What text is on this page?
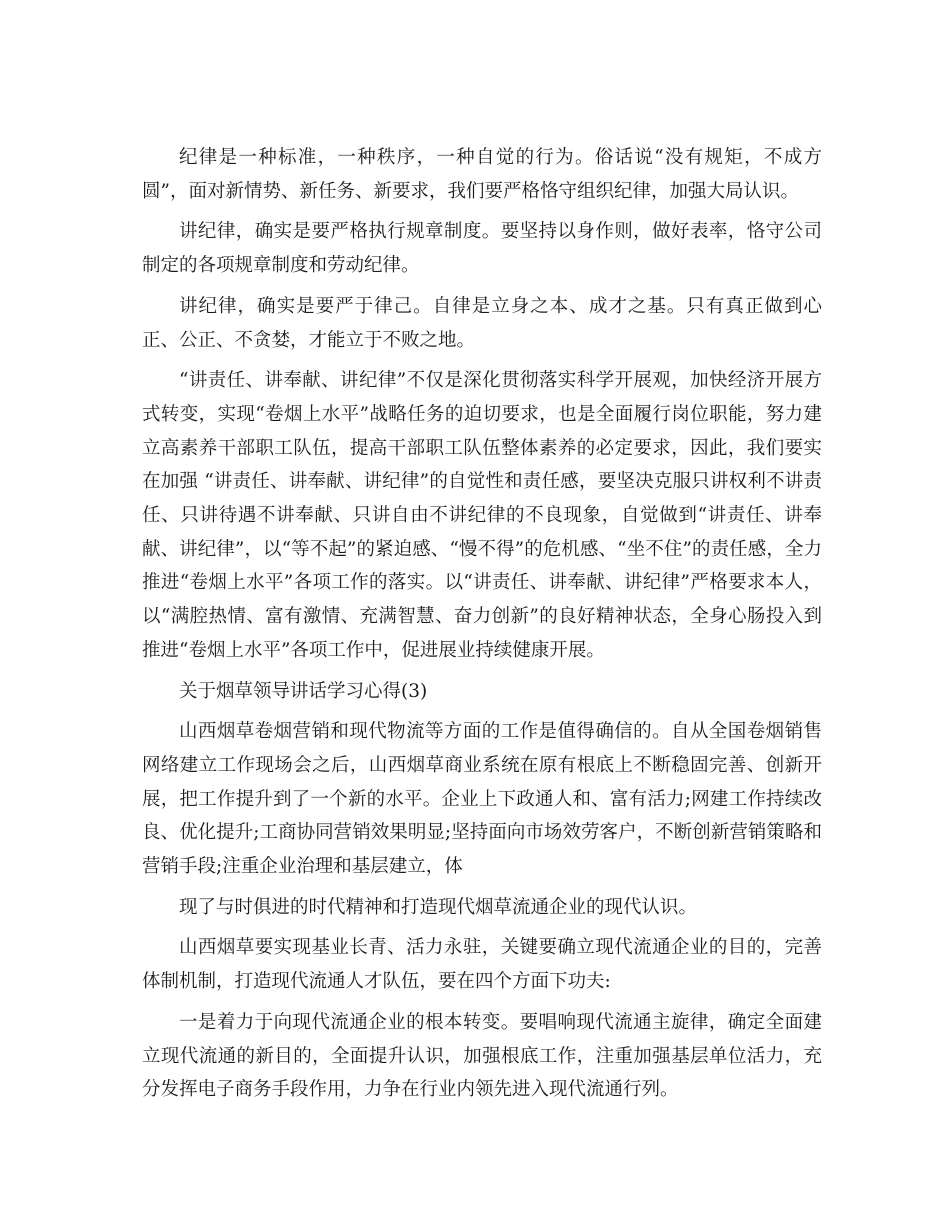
纪律是一种标准，一种秩序，一种自觉的行为。俗话说“没有规矩，不成方圆”，面对新情势、新任务、新要求，我们要严格恪守组织纪律，加强大局认识。

讲纪律，确实是要严格执行规章制度。要坚持以身作则，做好表率，恪守公司制定的各项规章制度和劳动纪律。

讲纪律，确实是要严于律己。自律是立身之本、成才之基。只有真正做到心正、公正、不贪婪，才能立于不败之地。

“讲责任、讲奉献、讲纪律”不仅是深化贯彻落实科学开展观，加快经济开展方式转变，实现“卷烟上水平”战略任务的迫切要求，也是全面履行岗位职能，努力建立高素养干部职工队伍，提高干部职工队伍整体素养的必定要求，因此，我们要实在加强 “讲责任、讲奉献、讲纪律”的自觉性和责任感，要坚决克服只讲权利不讲责任、只讲待遇不讲奉献、只讲自由不讲纪律的不良现象，自觉做到“讲责任、讲奉献、讲纪律”，以“等不起”的紧迫感、“慢不得”的危机感、“坐不住”的责任感，全力推进“卷烟上水平”各项工作的落实。以“讲责任、讲奉献、讲纪律”严格要求本人，以“满腔热情、富有激情、充满智慧、奋力创新”的良好精神状态，全身心肠投入到推进“卷烟上水平”各项工作中，促进展业持续健康开展。

关于烟草领导讲话学习心得(3)

山西烟草卷烟营销和现代物流等方面的工作是值得确信的。自从全国卷烟销售网络建立工作现场会之后，山西烟草商业系统在原有根底上不断稳固完善、创新开展，把工作提升到了一个新的水平。企业上下政通人和、富有活力;网建工作持续改良、优化提升;工商协同营销效果明显;坚持面向市场效劳客户，不断创新营销策略和营销手段;注重企业治理和基层建立，体

现了与时俱进的时代精神和打造现代烟草流通企业的现代认识。

山西烟草要实现基业长青、活力永驻，关键要确立现代流通企业的目的，完善体制机制，打造现代流通人才队伍，要在四个方面下功夫:

一是着力于向现代流通企业的根本转变。要唱响现代流通主旋律，确定全面建立现代流通的新目的，全面提升认识，加强根底工作，注重加强基层单位活力，充分发挥电子商务手段作用，力争在行业内领先进入现代流通行列。
